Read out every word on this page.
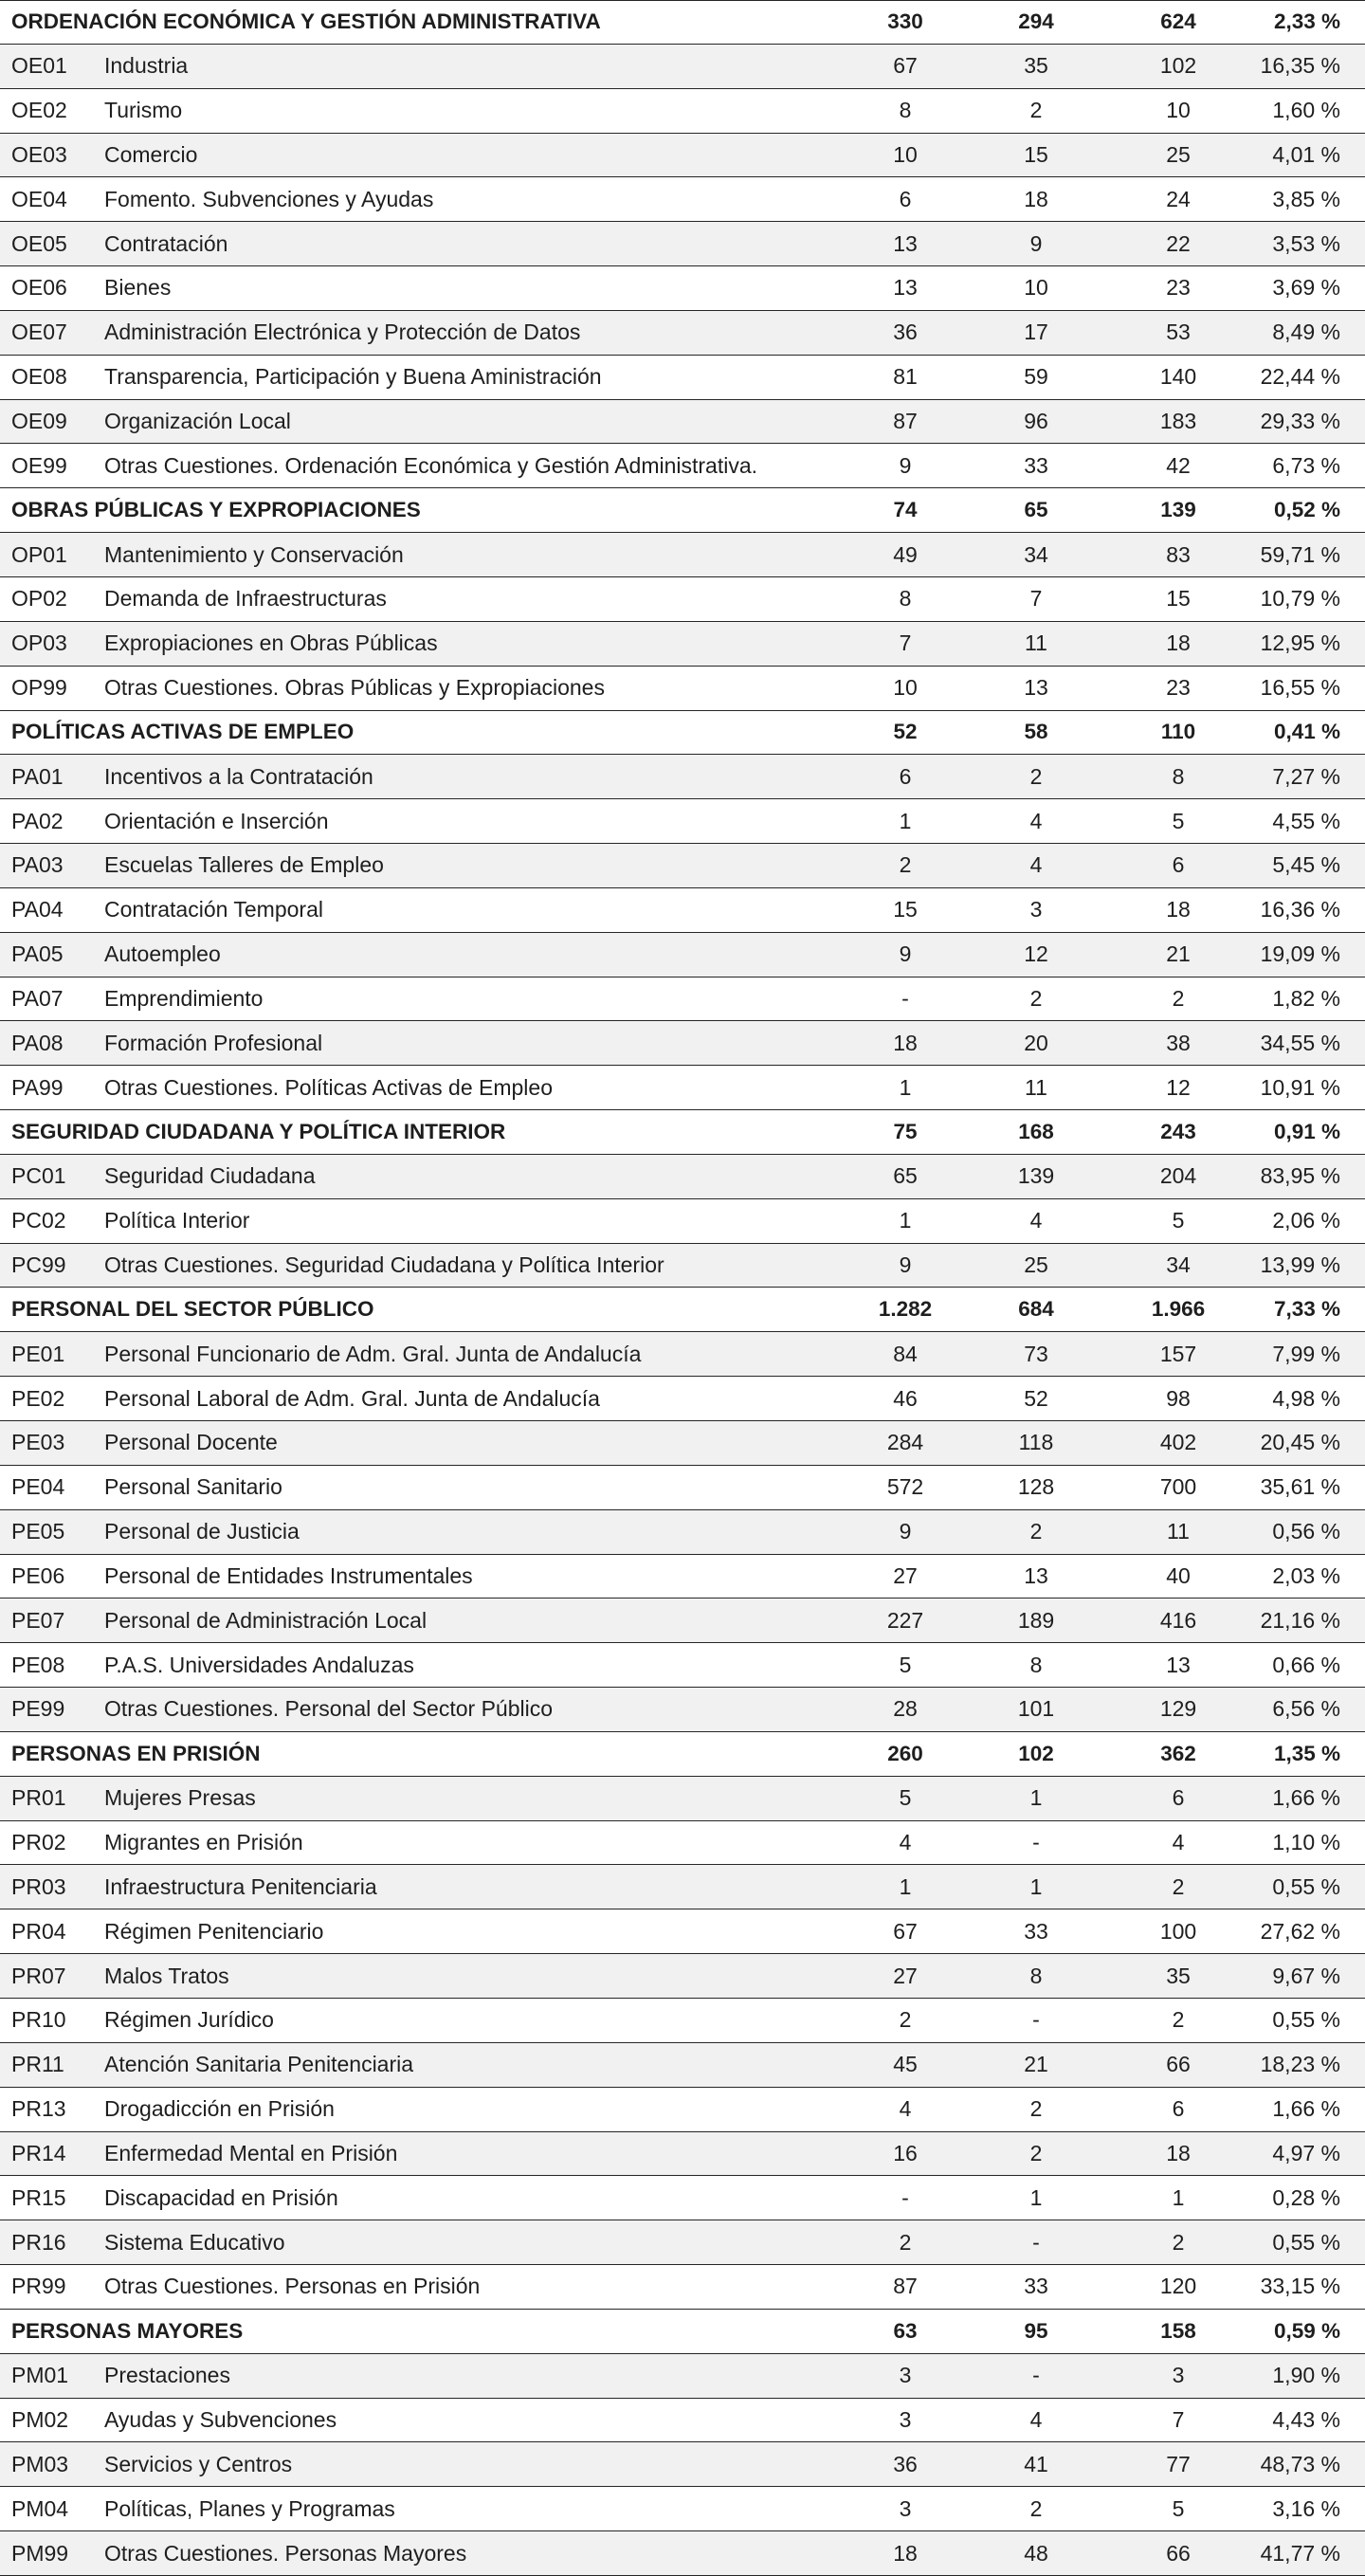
ORDENACIÓN ECONÓMICA Y GESTIÓN ADMINISTRATIVA	330	294	624	2,33 %
OE01 Industria	67	35	102	16,35 %
OE02 Turismo	8	2	10	1,60 %
OE03 Comercio	10	15	25	4,01 %
OE04 Fomento. Subvenciones y Ayudas	6	18	24	3,85 %
OE05 Contratación	13	9	22	3,53 %
OE06 Bienes	13	10	23	3,69 %
OE07 Administración Electrónica y Protección de Datos	36	17	53	8,49 %
OE08 Transparencia, Participación y Buena Aministración	81	59	140	22,44 %
OE09 Organización Local	87	96	183	29,33 %
OE99 Otras Cuestiones. Ordenación Económica y Gestión Administrativa.	9	33	42	6,73 %
OBRAS PÚBLICAS Y EXPROPIACIONES	74	65	139	0,52 %
OP01 Mantenimiento y Conservación	49	34	83	59,71 %
OP02 Demanda de Infraestructuras	8	7	15	10,79 %
OP03 Expropiaciones en Obras Públicas	7	11	18	12,95 %
OP99 Otras Cuestiones. Obras Públicas y Expropiaciones	10	13	23	16,55 %
POLÍTICAS ACTIVAS DE EMPLEO	52	58	110	0,41 %
PA01 Incentivos a la Contratación	6	2	8	7,27 %
PA02 Orientación e Inserción	1	4	5	4,55 %
PA03 Escuelas Talleres de Empleo	2	4	6	5,45 %
PA04 Contratación Temporal	15	3	18	16,36 %
PA05 Autoempleo	9	12	21	19,09 %
PA07 Emprendimiento	-	2	2	1,82 %
PA08 Formación Profesional	18	20	38	34,55 %
PA99 Otras Cuestiones. Políticas Activas de Empleo	1	11	12	10,91 %
SEGURIDAD CIUDADANA Y POLÍTICA INTERIOR	75	168	243	0,91 %
PC01 Seguridad Ciudadana	65	139	204	83,95 %
PC02 Política Interior	1	4	5	2,06 %
PC99 Otras Cuestiones. Seguridad Ciudadana y Política Interior	9	25	34	13,99 %
PERSONAL DEL SECTOR PÚBLICO	1.282	684	1.966	7,33 %
PE01 Personal Funcionario de Adm. Gral. Junta de Andalucía	84	73	157	7,99 %
PE02 Personal Laboral de Adm. Gral. Junta de Andalucía	46	52	98	4,98 %
PE03 Personal Docente	284	118	402	20,45 %
PE04 Personal Sanitario	572	128	700	35,61 %
PE05 Personal de Justicia	9	2	11	0,56 %
PE06 Personal de Entidades Instrumentales	27	13	40	2,03 %
PE07 Personal de Administración Local	227	189	416	21,16 %
PE08 P.A.S. Universidades Andaluzas	5	8	13	0,66 %
PE99 Otras Cuestiones. Personal del Sector Público	28	101	129	6,56 %
PERSONAS EN PRISIÓN	260	102	362	1,35 %
PR01 Mujeres Presas	5	1	6	1,66 %
PR02 Migrantes en Prisión	4	-	4	1,10 %
PR03 Infraestructura Penitenciaria	1	1	2	0,55 %
PR04 Régimen Penitenciario	67	33	100	27,62 %
PR07 Malos Tratos	27	8	35	9,67 %
PR10 Régimen Jurídico	2	-	2	0,55 %
PR11 Atención Sanitaria Penitenciaria	45	21	66	18,23 %
PR13 Drogadicción en Prisión	4	2	6	1,66 %
PR14 Enfermedad Mental en Prisión	16	2	18	4,97 %
PR15 Discapacidad en Prisión	-	1	1	0,28 %
PR16 Sistema Educativo	2	-	2	0,55 %
PR99 Otras Cuestiones. Personas en Prisión	87	33	120	33,15 %
PERSONAS MAYORES	63	95	158	0,59 %
PM01 Prestaciones	3	-	3	1,90 %
PM02 Ayudas y Subvenciones	3	4	7	4,43 %
PM03 Servicios y Centros	36	41	77	48,73 %
PM04 Políticas, Planes y Programas	3	2	5	3,16 %
PM99 Otras Cuestiones. Personas Mayores	18	48	66	41,77 %
